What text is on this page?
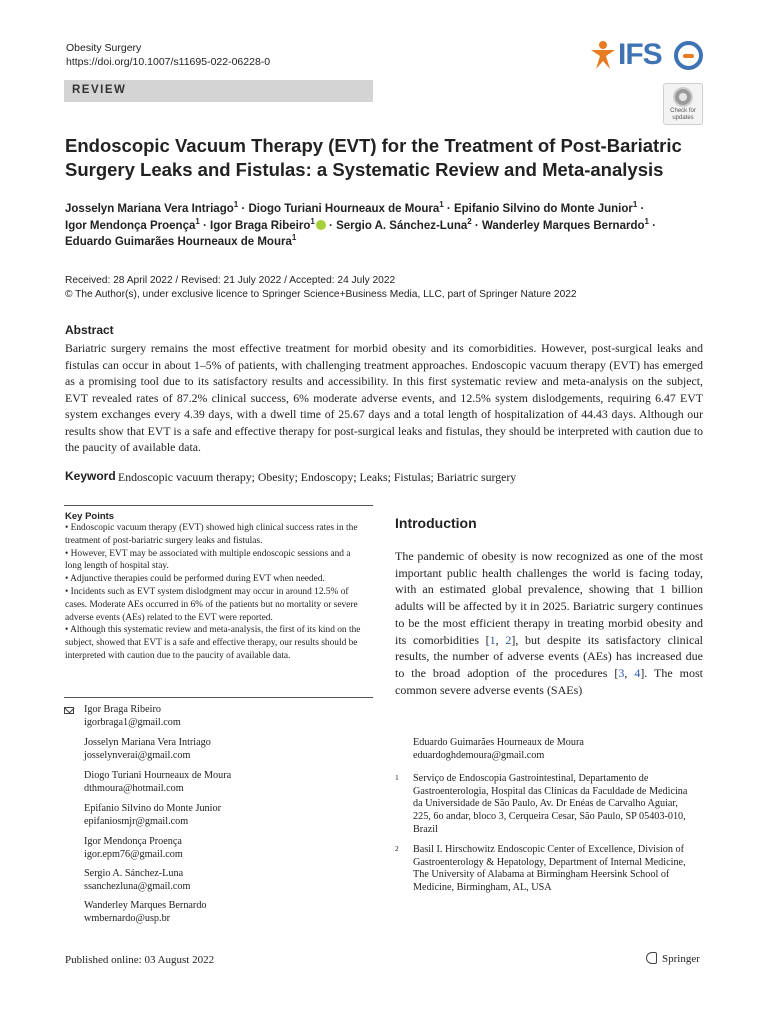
Obesity Surgery
https://doi.org/10.1007/s11695-022-06228-0	IFS
REVIEW
Check for updates
Endoscopic Vacuum Therapy (EVT) for the Treatment of Post-Bariatric
Surgery Leaks and Fistulas: a Systematic Review and Meta-analysis
Josselyn Mariana Vera Intriago$^1$ · Diogo Turiani Hourneaux de Moura$^1$ · Epifanio Silvino do Monte Junior$^1$ ·
Igor Mendonça Proença$^1$ · Igor Braga Ribeiro$^1$ · Sergio A. Sánchez-Luna$^2$ · Wanderley Marques Bernardo$^1$ ·
Eduardo Guimarães Hourneaux de Moura$^1$
Received: 28 April 2022 / Revised: 21 July 2022 / Accepted: 24 July 2022
© The Author(s), under exclusive licence to Springer Science+Business Media, LLC, part of Springer Nature 2022
Abstract
Bariatric surgery remains the most effective treatment for morbid obesity and its comorbidities. However, post-surgical leaks and fistulas can occur in about 1–5% of patients, with challenging treatment approaches. Endoscopic vacuum therapy (EVT) has emerged as a promising tool due to its satisfactory results and accessibility. In this first systematic review and meta-analysis on the subject, EVT revealed rates of 87.2% clinical success, 6% moderate adverse events, and 12.5% system dislodgements, requiring 6.47 EVT system exchanges every 4.39 days, with a dwell time of 25.67 days and a total length of hospitalization of 44.43 days. Although our results show that EVT is a safe and effective therapy for post-surgical leaks and fistulas, they should be interpreted with caution due to the paucity of available data.
Keyword Endoscopic vacuum therapy; Obesity; Endoscopy; Leaks; Fistulas; Bariatric surgery
Key Points
• Endoscopic vacuum therapy (EVT) showed high clinical success rates in the treatment of post-bariatric surgery leaks and fistulas.
• However, EVT may be associated with multiple endoscopic sessions and a long length of hospital stay.
• Adjunctive therapies could be performed during EVT when needed.
• Incidents such as EVT system dislodgment may occur in around 12.5% of cases. Moderate AEs occurred in 6% of the patients but no mortality or severe adverse events (AEs) related to the EVT were reported.
• Although this systematic review and meta-analysis, the first of its kind on the subject, showed that EVT is a safe and effective therapy, our results should be interpreted with caution due to the paucity of available data.
Introduction
The pandemic of obesity is now recognized as one of the most important public health challenges the world is facing today, with an estimated global prevalence, showing that 1 billion adults will be affected by it in 2025. Bariatric surgery continues to be the most efficient therapy in treating morbid obesity and its comorbidities [1, 2], but despite its satisfactory clinical results, the number of adverse events (AEs) has increased due to the broad adoption of the procedures [3, 4]. The most common severe adverse events (SAEs)
Igor Braga Ribeiro
igorbraga1@gmail.com
Josselyn Mariana Vera Intriago
josselynverai@gmail.com
Diogo Turiani Hourneaux de Moura
dthmoura@hotmail.com
Epifanio Silvino do Monte Junior
epifaniosmjr@gmail.com
Igor Mendonça Proença
igor.epm76@gmail.com
Sergio A. Sánchez-Luna
ssanchezluna@gmail.com
Wanderley Marques Bernardo
wmbernardo@usp.br
Eduardo Guimarães Hourneaux de Moura
eduardoghdemoura@gmail.com
1 Serviço de Endoscopia Gastrointestinal, Departamento de Gastroenterologia, Hospital das Clínicas da Faculdade de Medicina da Universidade de São Paulo, Av. Dr Enéas de Carvalho Aguiar, 225, 6o andar, bloco 3, Cerqueira Cesar, São Paulo, SP 05403-010, Brazil
2 Basil I. Hirschowitz Endoscopic Center of Excellence, Division of Gastroenterology & Hepatology, Department of Internal Medicine, The University of Alabama at Birmingham Heersink School of Medicine, Birmingham, AL, USA
Published online: 03 August 2022	Springer
